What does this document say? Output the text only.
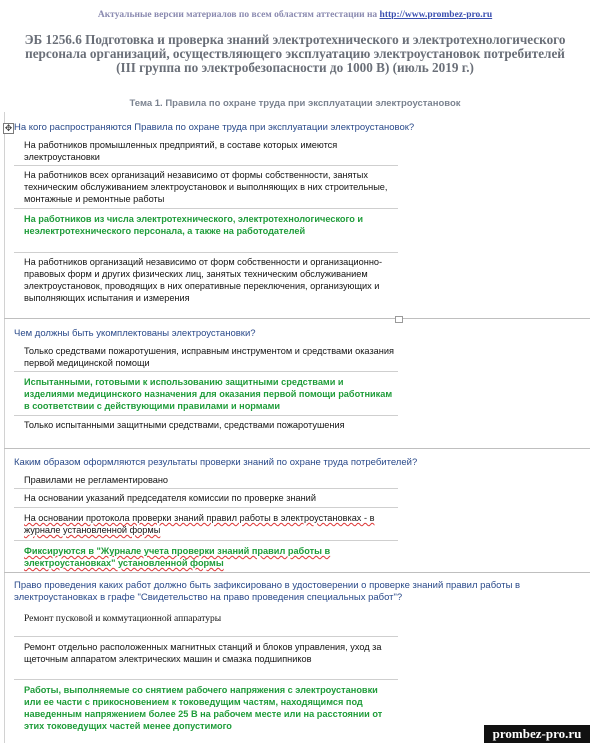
Актуальные версии материалов по всем областям аттестации на http://www.prombez-pro.ru
ЭБ 1256.6 Подготовка и проверка знаний электротехнического и электротехнологического персонала организаций, осуществляющего эксплуатацию электроустановок потребителей (III группа по электробезопасности до 1000 В) (июль 2019 г.)
Тема 1. Правила по охране труда при эксплуатации электроустановок
✥ На кого распространяются Правила по охране труда при эксплуатации электроустановок?
На работников промышленных предприятий, в составе которых имеются электроустановки
На работников всех организаций независимо от формы собственности, занятых техническим обслуживанием электроустановок и выполняющих в них строительные, монтажные и ремонтные работы
На работников из числа электротехнического, электротехнологического и неэлектротехнического персонала, а также на работодателей
На работников организаций независимо от форм собственности и организационно-правовых форм и других физических лиц, занятых техническим обслуживанием электроустановок, проводящих в них оперативные переключения, организующих и выполняющих испытания и измерения
Чем должны быть укомплектованы электроустановки?
Только средствами пожаротушения, исправным инструментом и средствами оказания первой медицинской помощи
Испытанными, готовыми к использованию защитными средствами и изделиями медицинского назначения для оказания первой помощи работникам в соответствии с действующими правилами и нормами
Только испытанными защитными средствами, средствами пожаротушения
Каким образом оформляются результаты проверки знаний по охране труда потребителей?
Правилами не регламентировано
На основании указаний председателя комиссии по проверке знаний
На основании протокола проверки знаний правил работы в электроустановках - в журнале установленной формы
Фиксируются в "Журнале учета проверки знаний правил работы в электроустановках" установленной формы
Право проведения каких работ должно быть зафиксировано в удостоверении о проверке знаний правил работы в электроустановках в графе "Свидетельство на право проведения специальных работ"?
Ремонт пусковой и коммутационной аппаратуры
Ремонт отдельно расположенных магнитных станций и блоков управления, уход за щеточным аппаратом электрических машин и смазка подшипников
Работы, выполняемые со снятием рабочего напряжения с электроустановки или ее части с прикосновением к токоведущим частям, находящимся под наведенным напряжением более 25 В на рабочем месте или на расстоянии от этих токоведущих частей менее допустимого	prombez-pro.ru
